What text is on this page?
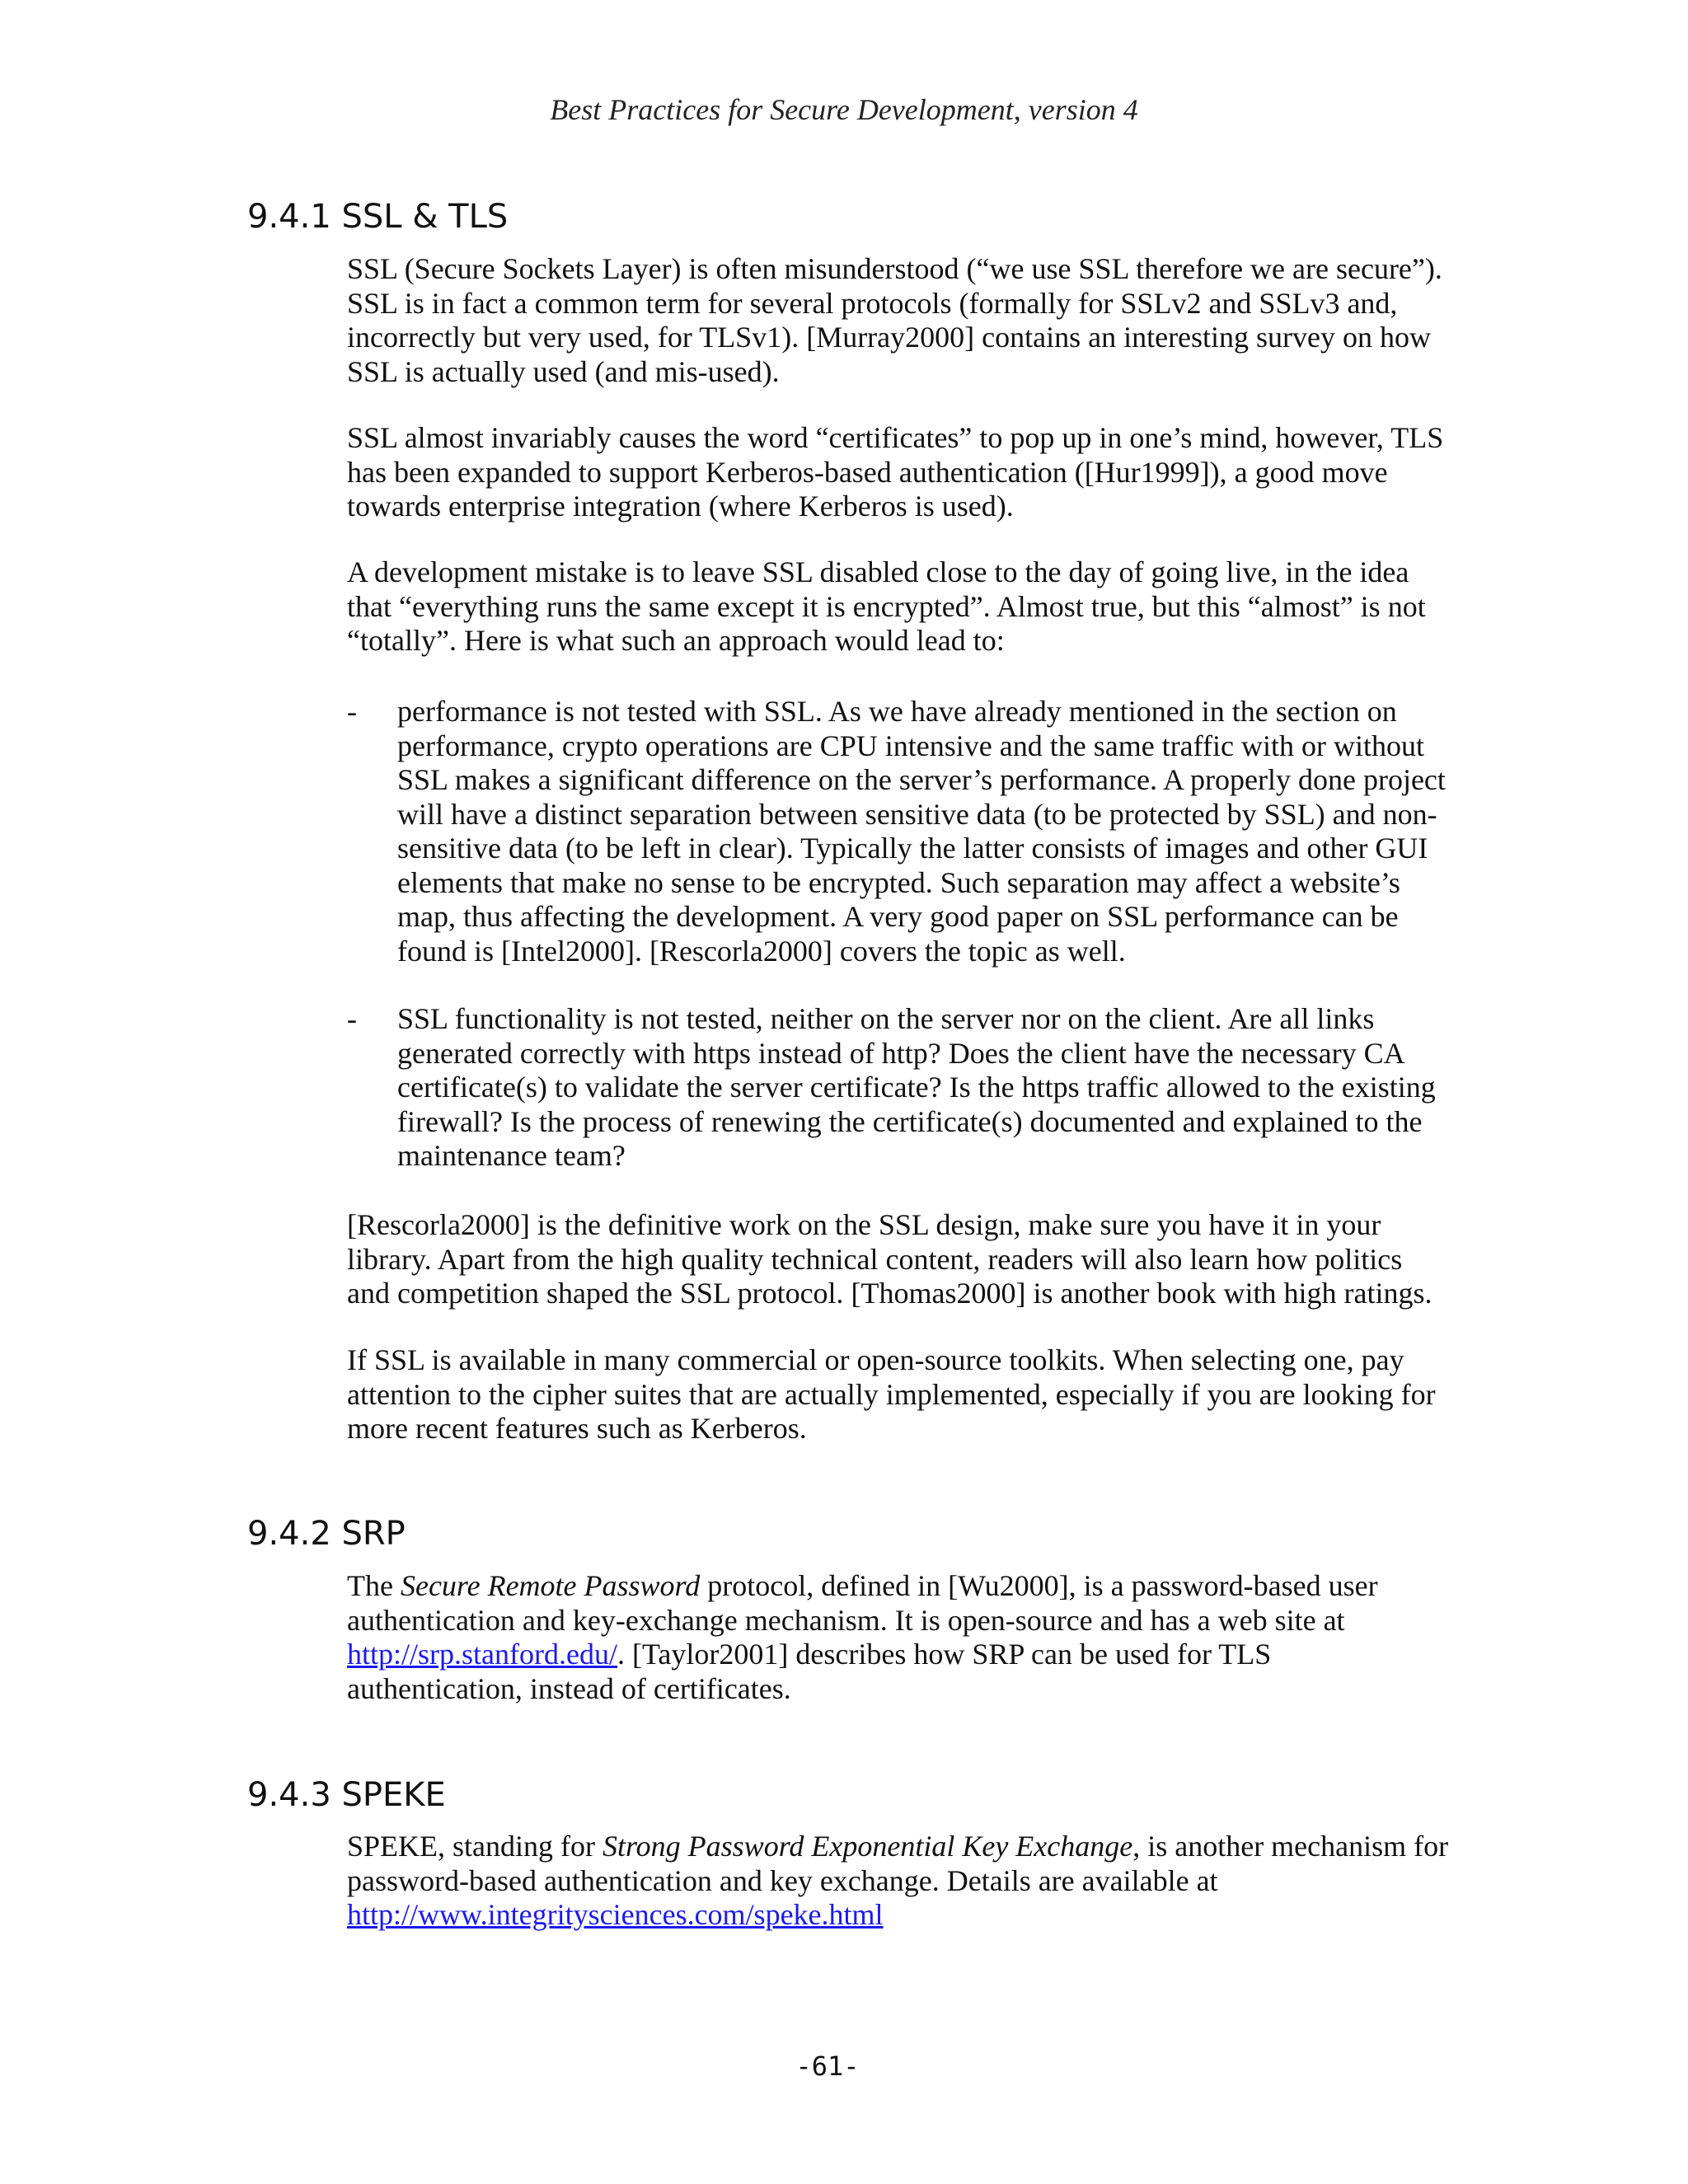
Best Practices for Secure Development, version 4
9.4.1 SSL & TLS

SSL (Secure Sockets Layer) is often misunderstood (“we use SSL therefore we are secure”). SSL is in fact a common term for several protocols (formally for SSLv2 and SSLv3 and, incorrectly but very used, for TLSv1). [Murray2000] contains an interesting survey on how SSL is actually used (and mis-used).

SSL almost invariably causes the word “certificates” to pop up in one’s mind, however, TLS has been expanded to support Kerberos-based authentication ([Hur1999]), a good move towards enterprise integration (where Kerberos is used).

A development mistake is to leave SSL disabled close to the day of going live, in the idea that “everything runs the same except it is encrypted”. Almost true, but this “almost” is not “totally”. Here is what such an approach would lead to:

- performance is not tested with SSL. As we have already mentioned in the section on performance, crypto operations are CPU intensive and the same traffic with or without SSL makes a significant difference on the server’s performance. A properly done project will have a distinct separation between sensitive data (to be protected by SSL) and non-sensitive data (to be left in clear). Typically the latter consists of images and other GUI elements that make no sense to be encrypted. Such separation may affect a website’s map, thus affecting the development. A very good paper on SSL performance can be found is [Intel2000]. [Rescorla2000] covers the topic as well.
- SSL functionality is not tested, neither on the server nor on the client. Are all links generated correctly with https instead of http? Does the client have the necessary CA certificate(s) to validate the server certificate? Is the https traffic allowed to the existing firewall? Is the process of renewing the certificate(s) documented and explained to the maintenance team?

[Rescorla2000] is the definitive work on the SSL design, make sure you have it in your library. Apart from the high quality technical content, readers will also learn how politics and competition shaped the SSL protocol. [Thomas2000] is another book with high ratings.

If SSL is available in many commercial or open-source toolkits. When selecting one, pay attention to the cipher suites that are actually implemented, especially if you are looking for more recent features such as Kerberos.

9.4.2 SRP

The Secure Remote Password protocol, defined in [Wu2000], is a password-based user authentication and key-exchange mechanism. It is open-source and has a web site at http://srp.stanford.edu/. [Taylor2001] describes how SRP can be used for TLS authentication, instead of certificates.

9.4.3 SPEKE

SPEKE, standing for Strong Password Exponential Key Exchange, is another mechanism for password-based authentication and key exchange. Details are available at http://www.integritysciences.com/speke.html

-61-
